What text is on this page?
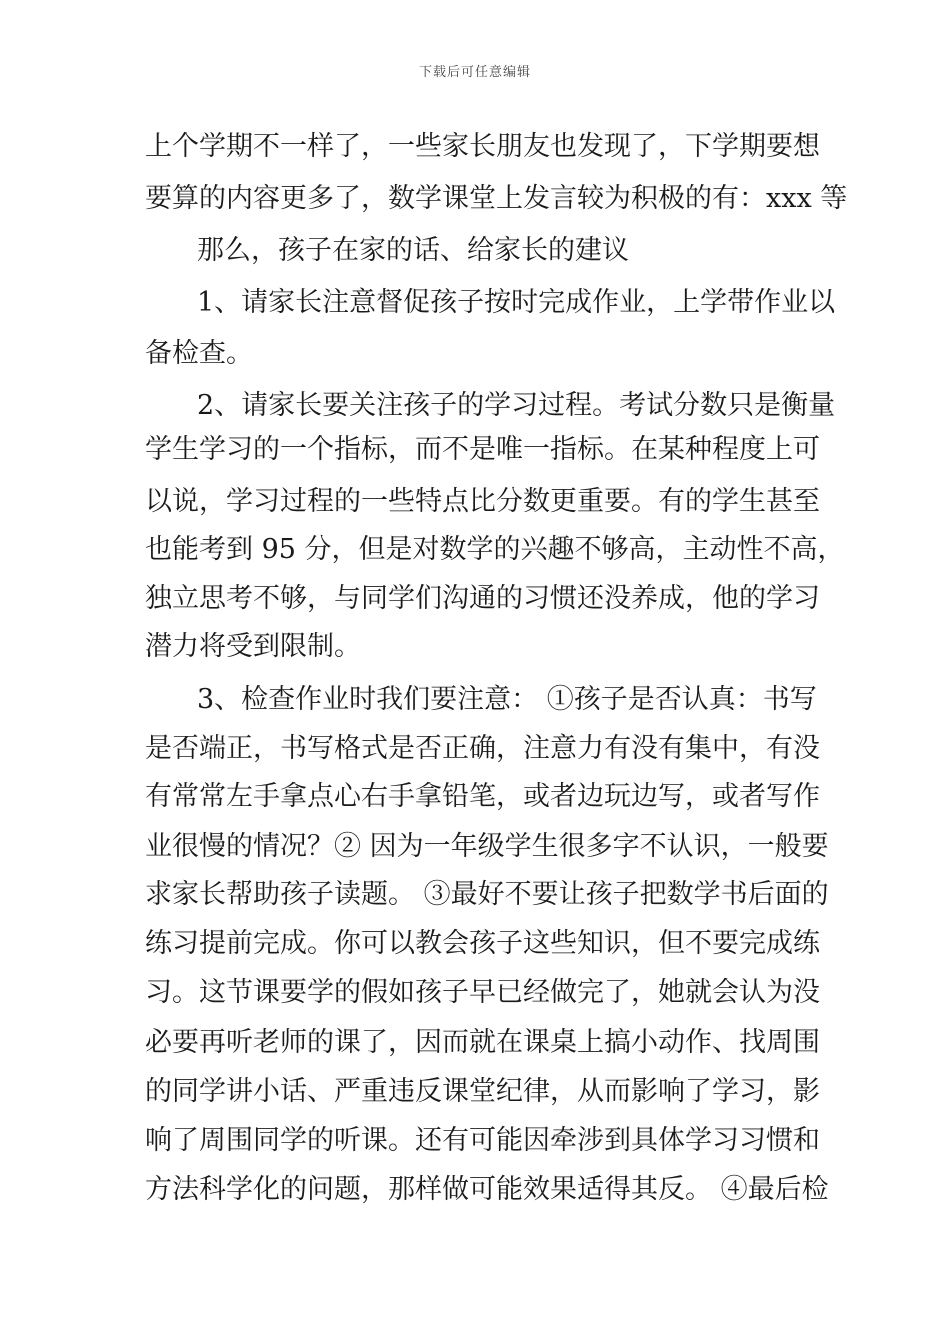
下载后可任意编辑
上个学期不一样了，一些家长朋友也发现了，下学期要想
要算的内容更多了，数学课堂上发言较为积极的有：xxx 等
那么，孩子在家的话、给家长的建议
1、请家长注意督促孩子按时完成作业，上学带作业以
备检查。
2、请家长要关注孩子的学习过程。考试分数只是衡量
学生学习的一个指标，而不是唯一指标。在某种程度上可
以说，学习过程的一些特点比分数更重要。有的学生甚至
也能考到 95 分，但是对数学的兴趣不够高，主动性不高，
独立思考不够，与同学们沟通的习惯还没养成，他的学习
潜力将受到限制。
3、检查作业时我们要注意： ①孩子是否认真：书写
是否端正，书写格式是否正确，注意力有没有集中，有没
有常常左手拿点心右手拿铅笔，或者边玩边写，或者写作
业很慢的情况？② 因为一年级学生很多字不认识，一般要
求家长帮助孩子读题。 ③最好不要让孩子把数学书后面的
练习提前完成。你可以教会孩子这些知识，但不要完成练
习。这节课要学的假如孩子早已经做完了，她就会认为没
必要再听老师的课了，因而就在课桌上搞小动作、找周围
的同学讲小话、严重违反课堂纪律，从而影响了学习，影
响了周围同学的听课。还有可能因牵涉到具体学习习惯和
方法科学化的问题，那样做可能效果适得其反。 ④最后检
